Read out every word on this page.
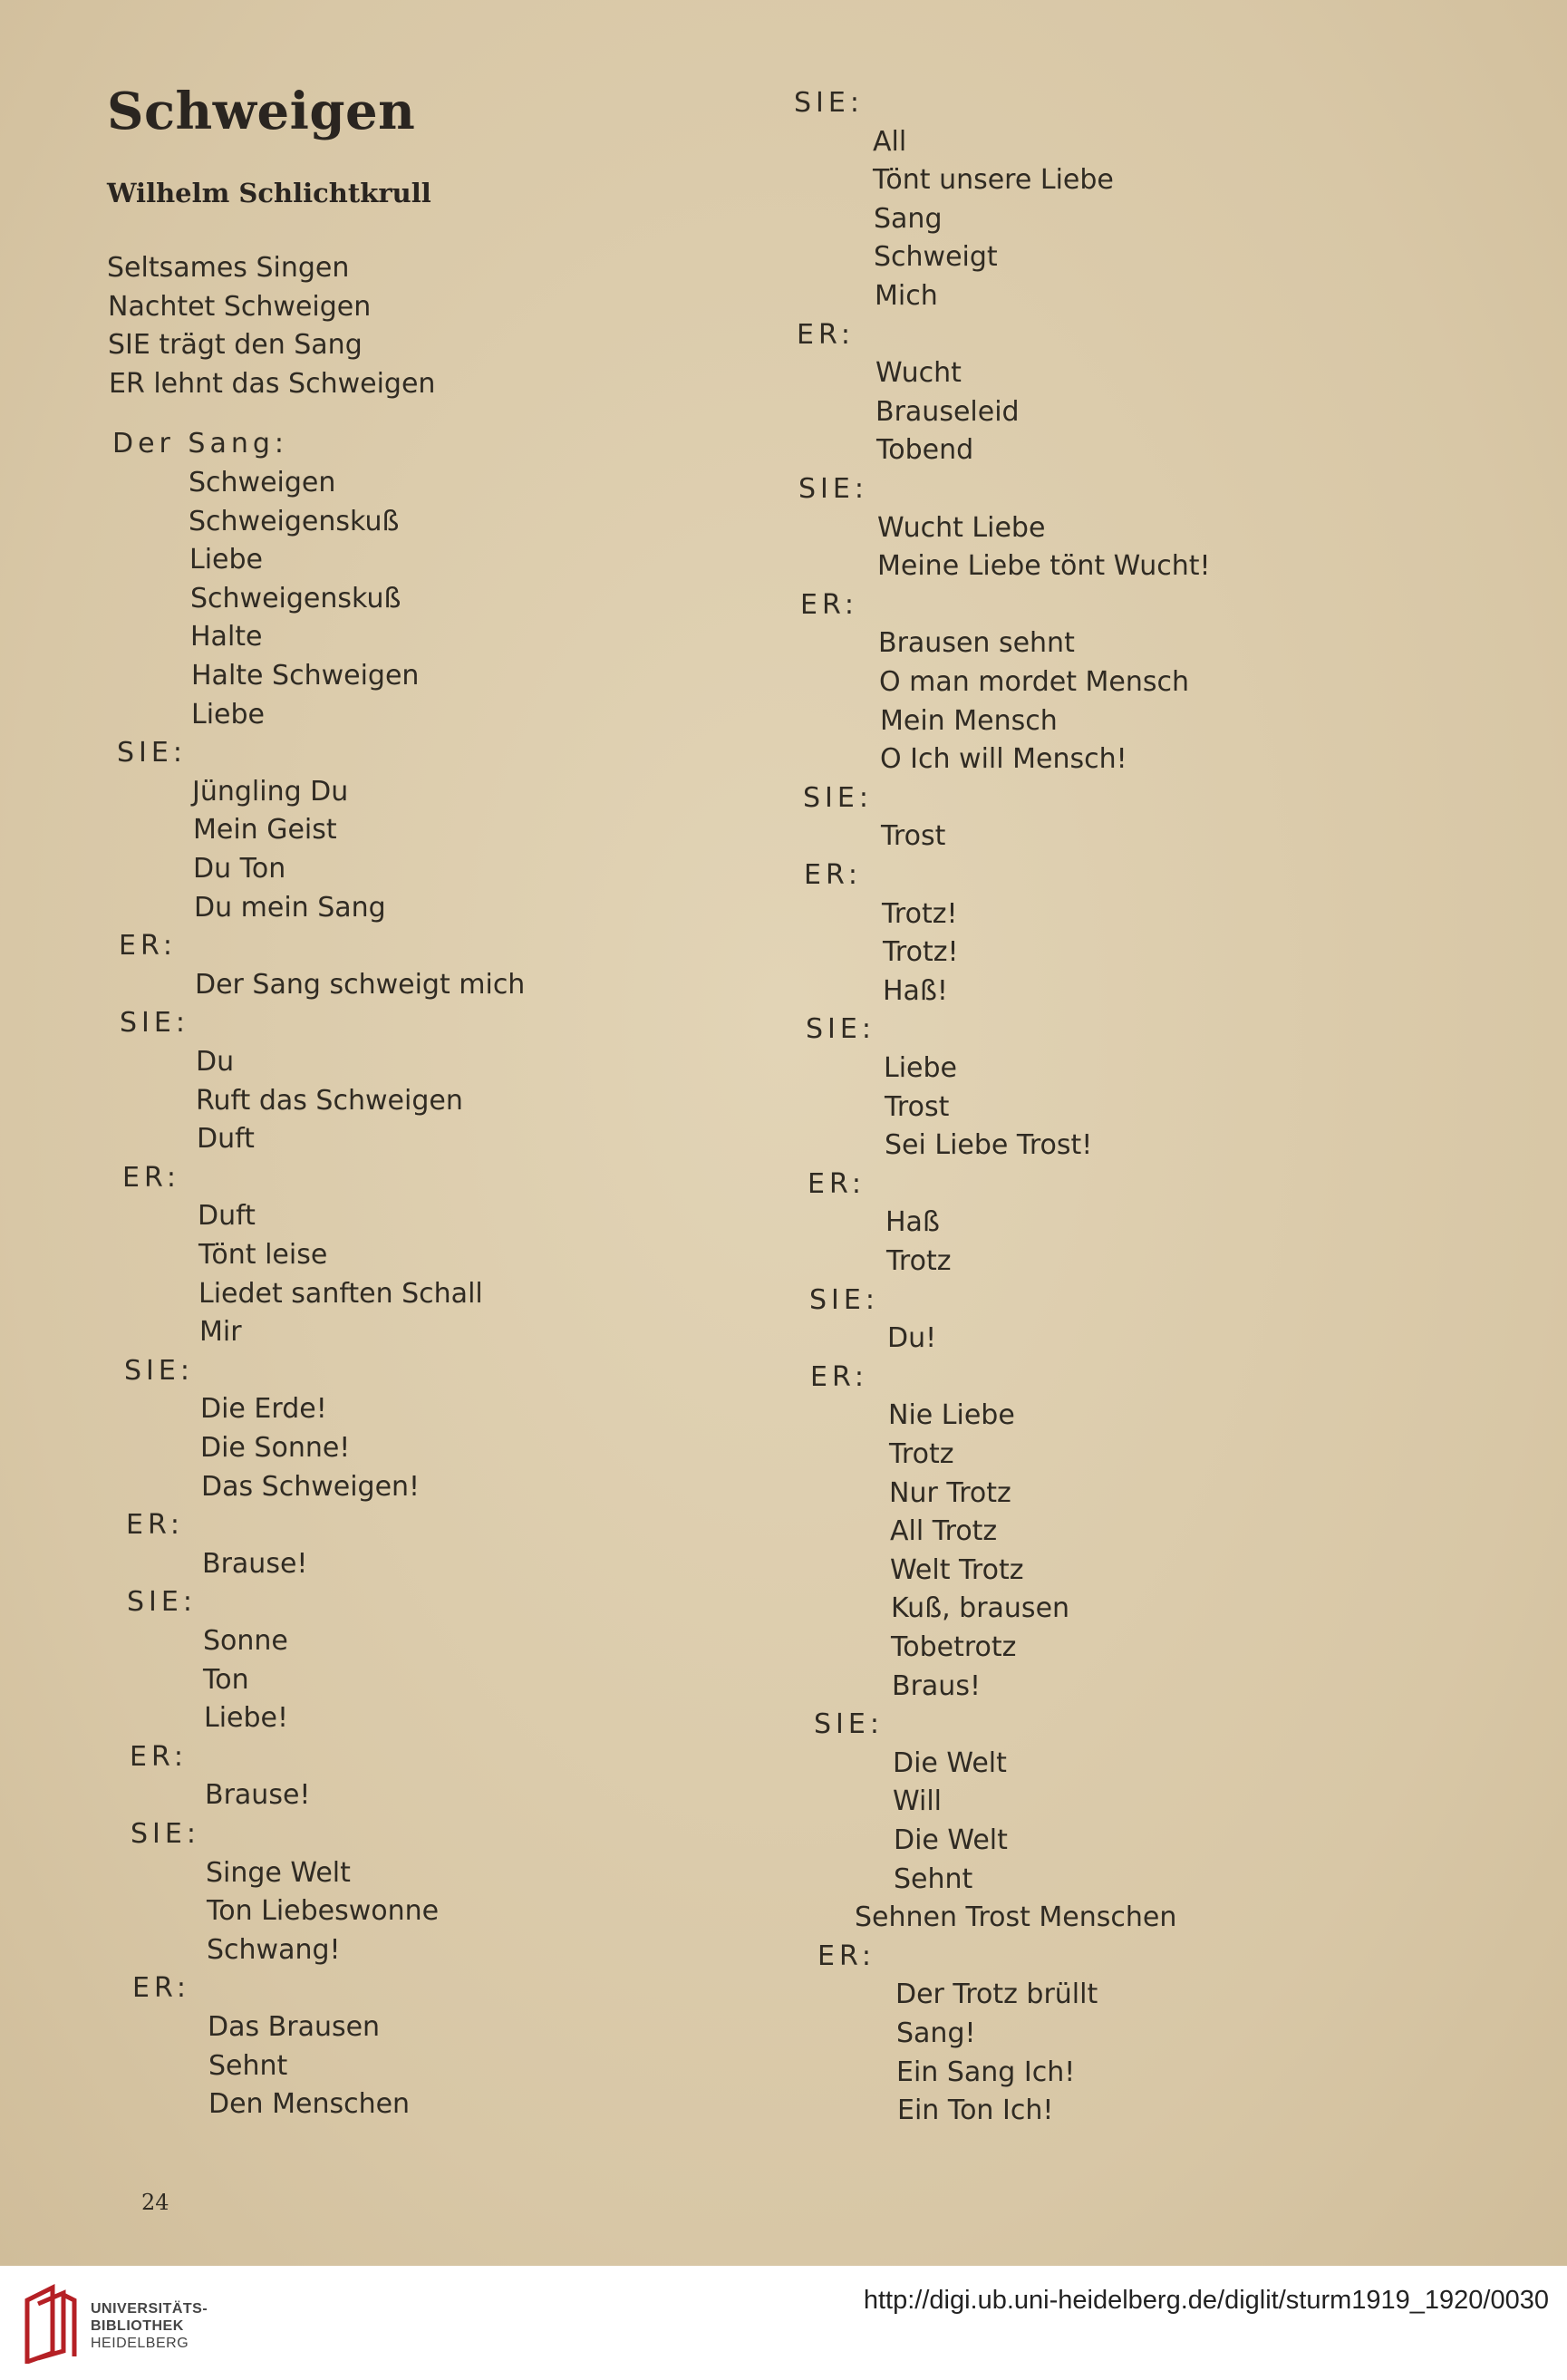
Schweigen
Wilhelm Schlichtkrull
Seltsames Singen
Nachtet Schweigen
SIE trägt den Sang
ER lehnt das Schweigen
Der Sang:
Schweigen
Schweigenskuß
Liebe
Schweigenskuß
Halte
Halte Schweigen
Liebe
SIE:
Jüngling Du
Mein Geist
Du Ton
Du mein Sang
ER:
Der Sang schweigt mich
SIE:
Du
Ruft das Schweigen
Duft
ER:
Duft
Tönt leise
Liedet sanften Schall
Mir
SIE:
Die Erde!
Die Sonne!
Das Schweigen!
ER:
Brause!
SIE:
Sonne
Ton
Liebe!
ER:
Brause!
SIE:
Singe Welt
Ton Liebeswonne
Schwang!
ER:
Das Brausen
Sehnt
Den Menschen
SIE:
All
Tönt unsere Liebe
Sang
Schweigt
Mich
ER:
Wucht
Brauseleid
Tobend
SIE:
Wucht Liebe
Meine Liebe tönt Wucht!
ER:
Brausen sehnt
O man mordet Mensch
Mein Mensch
O Ich will Mensch!
SIE:
Trost
ER:
Trotz!
Trotz!
Haß!
SIE:
Liebe
Trost
Sei Liebe Trost!
ER:
Haß
Trotz
SIE:
Du!
ER:
Nie Liebe
Trotz
Nur Trotz
All Trotz
Welt Trotz
Kuß, brausen
Tobetrotz
Braus!
SIE:
Die Welt
Will
Die Welt
Sehnt
Sehnen Trost Menschen
ER:
Der Trotz brüllt
Sang!
Ein Sang Ich!
Ein Ton Ich!
24
UNIVERSITÄTS-
BIBLIOTHEK
HEIDELBERG
http://digi.ub.uni-heidelberg.de/diglit/sturm1919_1920/0030
